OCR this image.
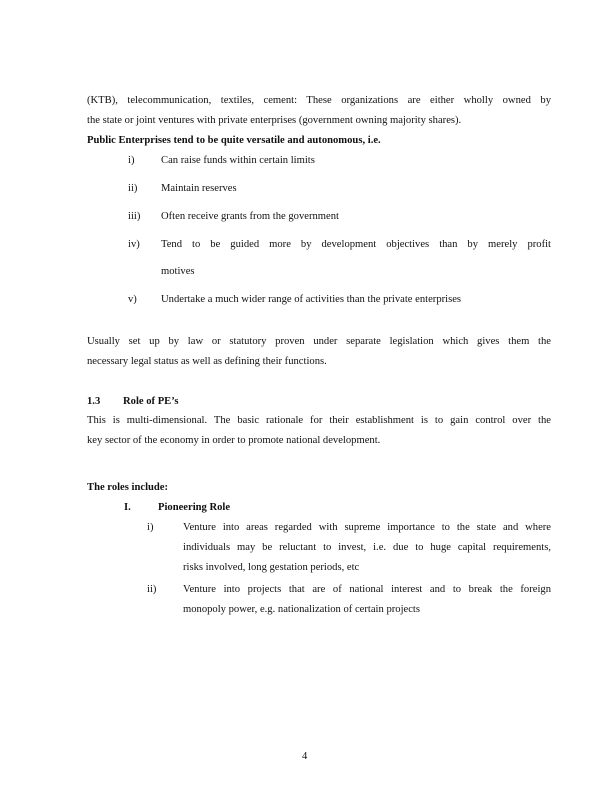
(KTB), telecommunication, textiles, cement: These organizations are either wholly owned by
the state or joint ventures with private enterprises (government owning majority shares).
Public Enterprises tend to be quite versatile and autonomous, i.e.
i)	Can raise funds within certain limits
ii) Maintain reserves
iii) Often receive grants from the government
iv) Tend to be guided more by development objectives than by merely profit
motives
v) Undertake a much wider range of activities than the private enterprises
Usually set up by law or statutory proven under separate legislation which gives them the
necessary legal status as well as defining their functions.
1.3 Role of PE’s
This is multi-dimensional. The basic rationale for their establishment is to gain control over the
key sector of the economy in order to promote national development.
The roles include:
I.	Pioneering Role
i)	Venture into areas regarded with supreme importance to the state and where
individuals may be reluctant to invest, i.e. due to huge capital requirements,
risks involved, long gestation periods, etc
ii)	Venture into projects that are of national interest and to break the foreign
monopoly power, e.g. nationalization of certain projects
4
